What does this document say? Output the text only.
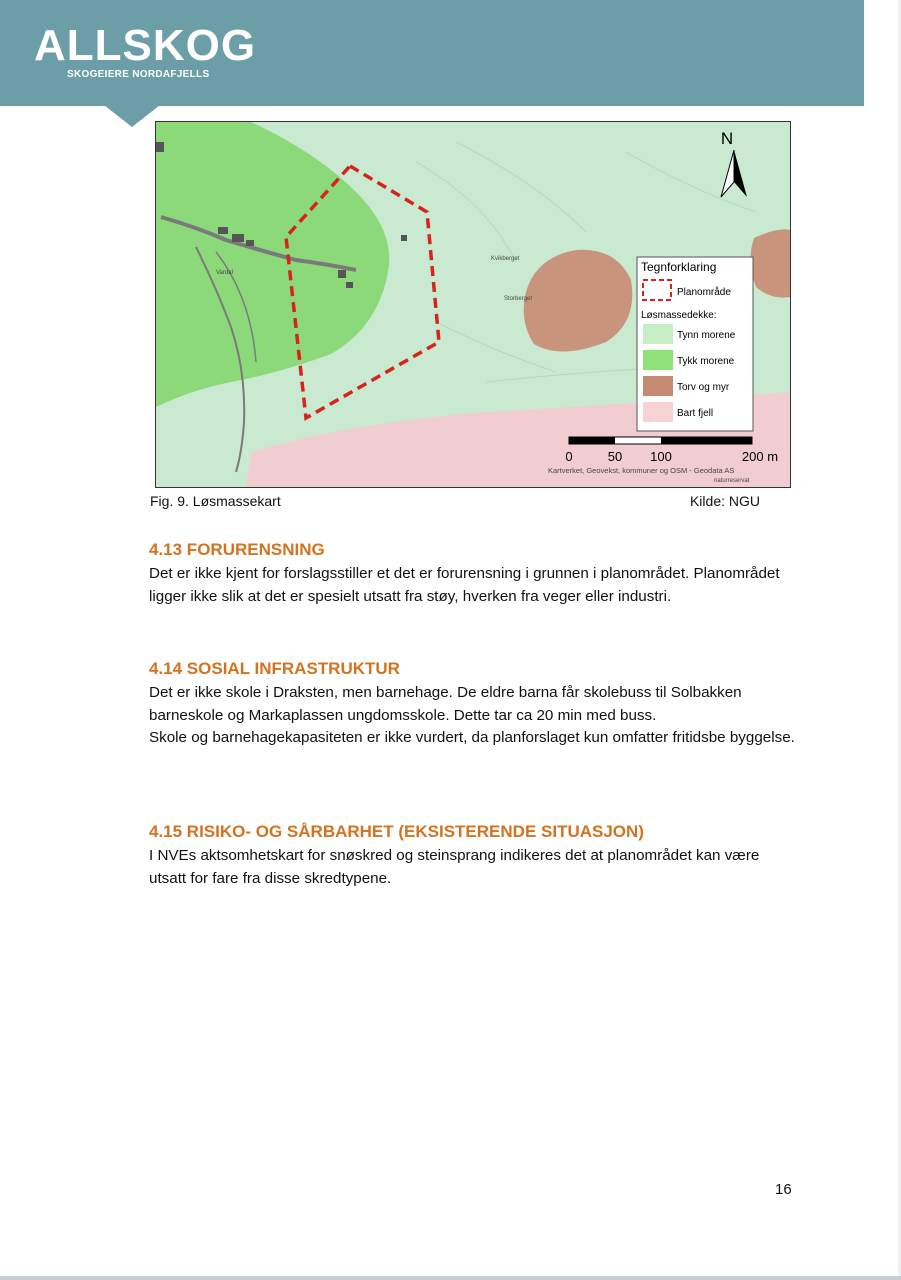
ALLSKOG
SKOGEIERE NORDAFJELLS
Vardal
Kvikberget
Storberget
N
Tegnforklaring
Planområde
Løsmassedekke:
Tynn morene
Tykk morene
Torv og myr
Bart fjell
0	50 100	200 m
Kartverket, Geovekst, kommuner og OSM - Geodata AS
naturreservat
Fig. 9. Løsmassekart	Kilde: NGU
4.13 FORURENSNING

Det er ikke kjent for forslagsstiller et det er forurensning i grunnen i planområdet. Planområdet ligger ikke slik at det er spesielt utsatt fra støy, hverken fra veger eller industri.

4.14 SOSIAL INFRASTRUKTUR

Det er ikke skole i Draksten, men barnehage. De eldre barna får skolebuss til Solbakken barneskole og Markaplassen ungdomsskole. Dette tar ca 20 min med buss.

Skole og barnehagekapasiteten er ikke vurdert, da planforslaget kun omfatter fritidsbe byggelse.

4.15 RISIKO- OG SÅRBARHET (EKSISTERENDE SITUASJON)

I NVEs aktsomhetskart for snøskred og steinsprang indikeres det at planområdet kan være utsatt for fare fra disse skredtypene.

16
